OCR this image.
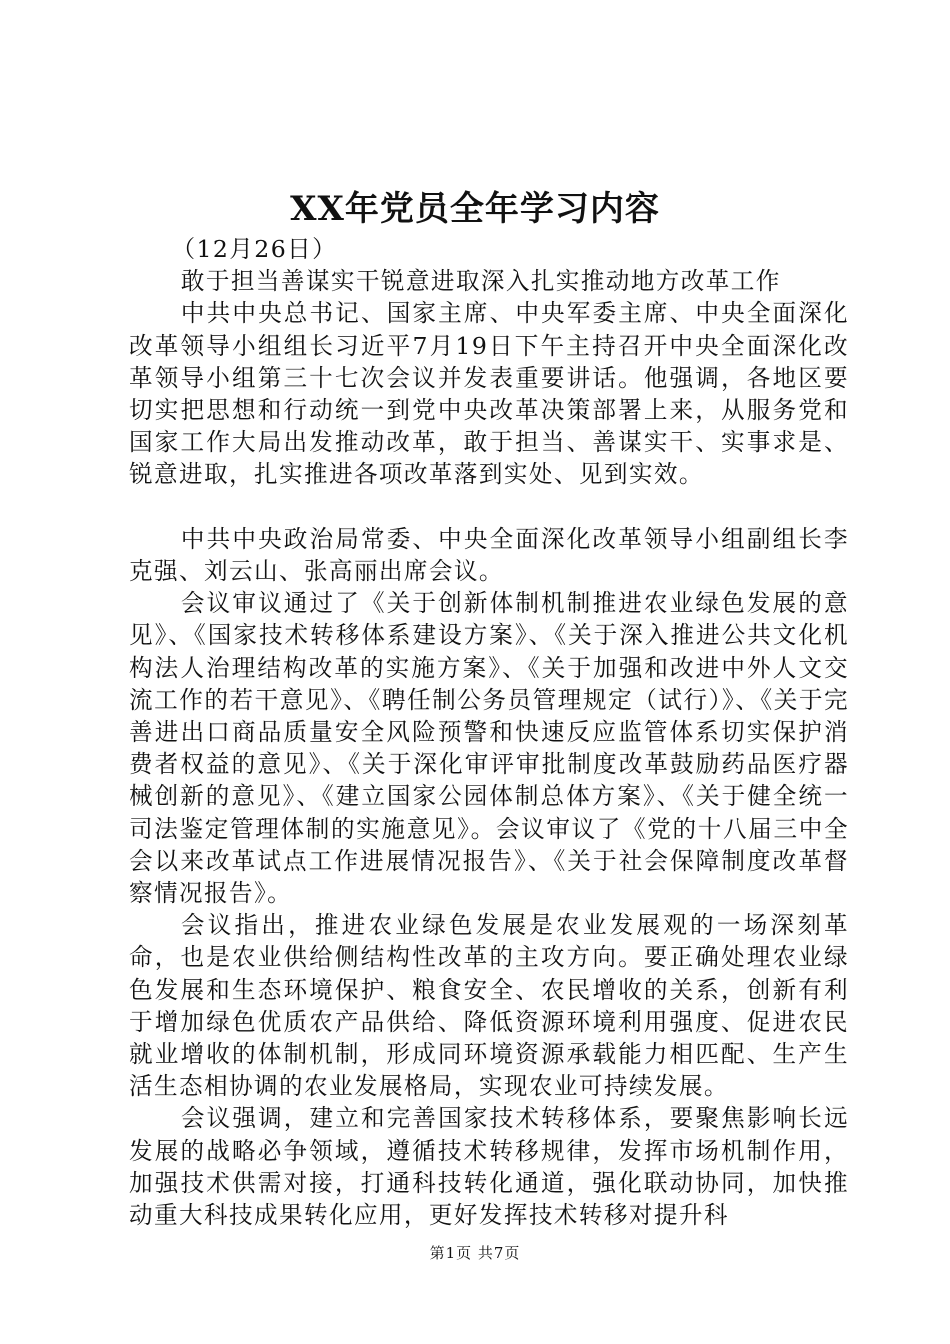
XX年党员全年学习内容

（12月26日）

敢于担当善谋实干锐意进取深入扎实推动地方改革工作

中共中央总书记、国家主席、中央军委主席、中央全面深化改革领导小组组长习近平7月19日下午主持召开中央全面深化改革领导小组第三十七次会议并发表重要讲话。他强调，各地区要切实把思想和行动统一到党中央改革决策部署上来，从服务党和国家工作大局出发推动改革，敢于担当、善谋实干、实事求是、锐意进取，扎实推进各项改革落到实处、见到实效。

中共中央政治局常委、中央全面深化改革领导小组副组长李克强、刘云山、张高丽出席会议。

会议审议通过了《关于创新体制机制推进农业绿色发展的意见》、《国家技术转移体系建设方案》、《关于深入推进公共文化机构法人治理结构改革的实施方案》、《关于加强和改进中外人文交流工作的若干意见》、《聘任制公务员管理规定（试行）》、《关于完善进出口商品质量安全风险预警和快速反应监管体系切实保护消费者权益的意见》、《关于深化审评审批制度改革鼓励药品医疗器械创新的意见》、《建立国家公园体制总体方案》、《关于健全统一司法鉴定管理体制的实施意见》。会议审议了《党的十八届三中全会以来改革试点工作进展情况报告》、《关于社会保障制度改革督察情况报告》。

会议指出，推进农业绿色发展是农业发展观的一场深刻革命，也是农业供给侧结构性改革的主攻方向。要正确处理农业绿色发展和生态环境保护、粮食安全、农民增收的关系，创新有利于增加绿色优质农产品供给、降低资源环境利用强度、促进农民就业增收的体制机制，形成同环境资源承载能力相匹配、生产生活生态相协调的农业发展格局，实现农业可持续发展。

会议强调，建立和完善国家技术转移体系，要聚焦影响长远发展的战略必争领域，遵循技术转移规律，发挥市场机制作用，加强技术供需对接，打通科技转化通道，强化联动协同，加快推动重大科技成果转化应用，更好发挥技术转移对提升科

第1页 共7页
